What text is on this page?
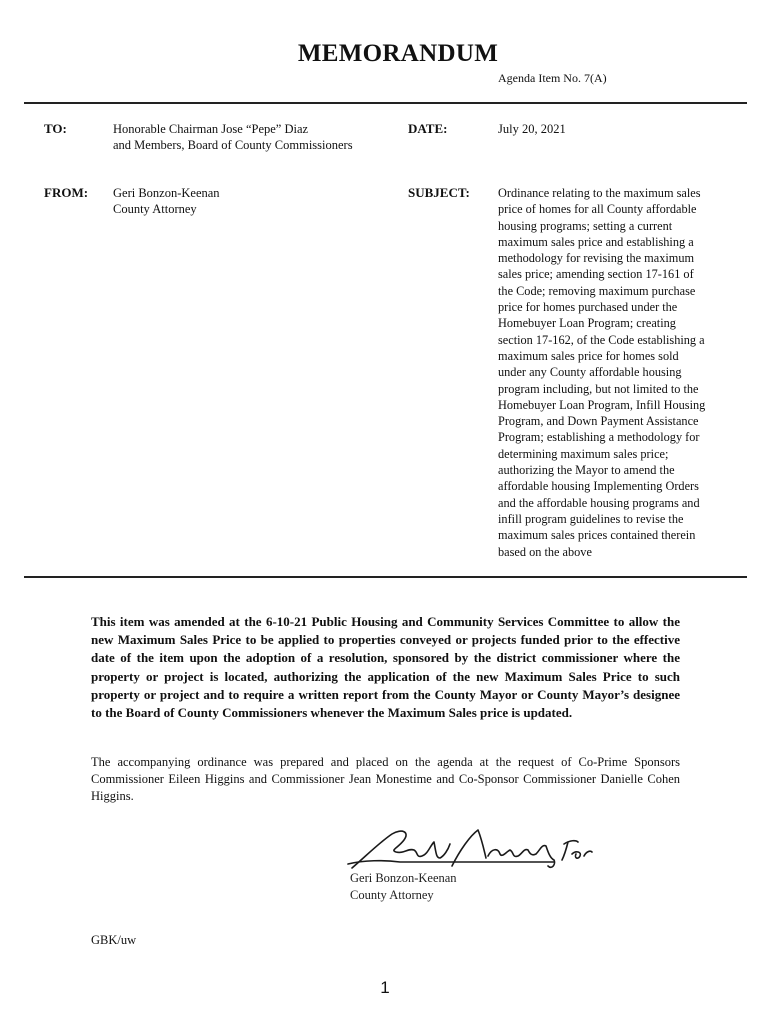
MEMORANDUM
Agenda Item No. 7(A)
TO:	Honorable Chairman Jose “Pepe” Diaz
and Members, Board of County Commissioners
DATE:	July 20, 2021
FROM: Geri Bonzon-Keenan
County Attorney
SUBJECT: Ordinance relating to the maximum sales
price of homes for all County affordable
housing programs; setting a current
maximum sales price and establishing a
methodology for revising the maximum
sales price; amending section 17-161 of
the Code; removing maximum purchase
price for homes purchased under the
Homebuyer Loan Program; creating
section 17-162, of the Code establishing a
maximum sales price for homes sold
under any County affordable housing
program including, but not limited to the
Homebuyer Loan Program, Infill Housing
Program, and Down Payment Assistance
Program; establishing a methodology for
determining maximum sales price;
authorizing the Mayor to amend the
affordable housing Implementing Orders
and the affordable housing programs and
infill program guidelines to revise the
maximum sales prices contained therein
based on the above
This item was amended at the 6-10-21 Public Housing and Community Services Committee to allow the new Maximum Sales Price to be applied to properties conveyed or projects funded prior to the effective date of the item upon the adoption of a resolution, sponsored by the district commissioner where the property or project is located, authorizing the application of the new Maximum Sales Price to such property or project and to require a written report from the County Mayor or County Mayor’s designee to the Board of County Commissioners whenever the Maximum Sales price is updated.
The accompanying ordinance was prepared and placed on the agenda at the request of Co-Prime Sponsors Commissioner Eileen Higgins and Commissioner Jean Monestime and Co-Sponsor Commissioner Danielle Cohen Higgins.
Geri Bonzon-Keenan
County Attorney
GBK/uw
1
